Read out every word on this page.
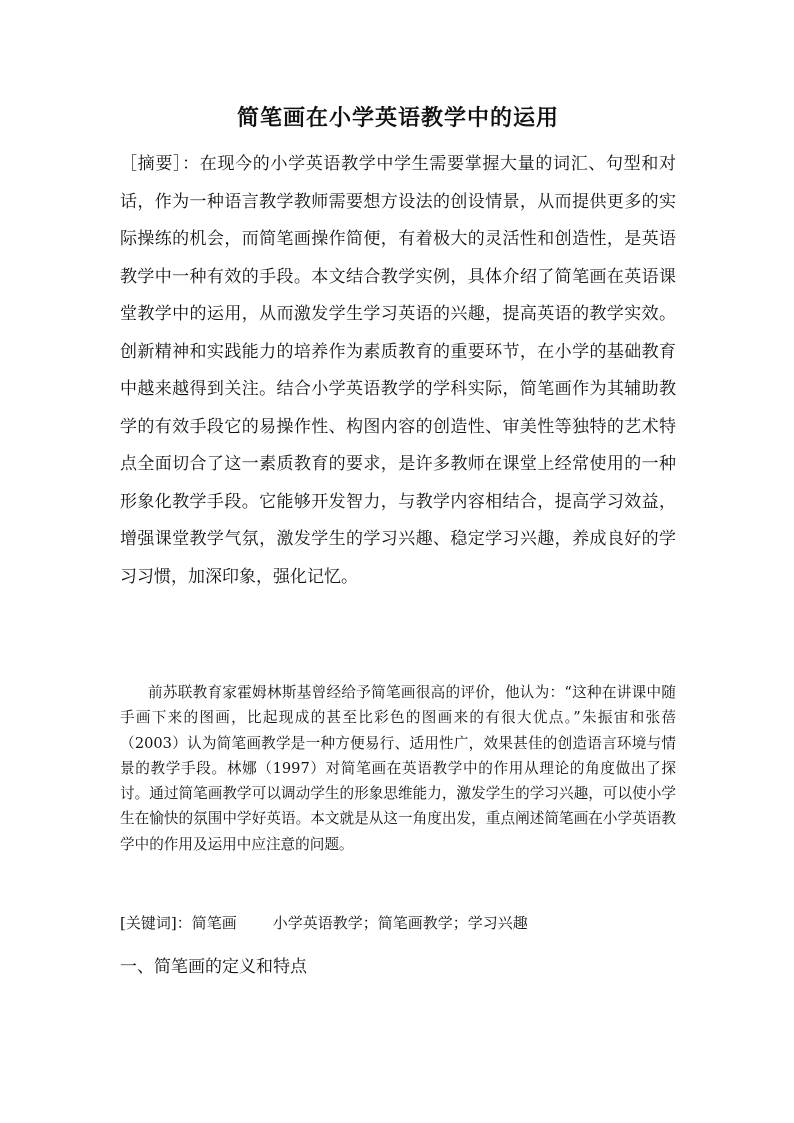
简笔画在小学英语教学中的运用

［摘要］：在现今的小学英语教学中学生需要掌握大量的词汇、句型和对话，作为一种语言教学教师需要想方设法的创设情景，从而提供更多的实际操练的机会，而简笔画操作简便，有着极大的灵活性和创造性，是英语教学中一种有效的手段。本文结合教学实例，具体介绍了简笔画在英语课堂教学中的运用，从而激发学生学习英语的兴趣，提高英语的教学实效。创新精神和实践能力的培养作为素质教育的重要环节，在小学的基础教育中越来越得到关注。结合小学英语教学的学科实际，简笔画作为其辅助教学的有效手段它的易操作性、构图内容的创造性、审美性等独特的艺术特点全面切合了这一素质教育的要求，是许多教师在课堂上经常使用的一种形象化教学手段。它能够开发智力，与教学内容相结合，提高学习效益，增强课堂教学气氛，激发学生的学习兴趣、稳定学习兴趣，养成良好的学习习惯，加深印象，强化记忆。

前苏联教育家霍姆林斯基曾经给予简笔画很高的评价，他认为：“这种在讲课中随手画下来的图画，比起现成的甚至比彩色的图画来的有很大优点。”朱振宙和张蓓（2003）认为简笔画教学是一种方便易行、适用性广，效果甚佳的创造语言环境与情景的教学手段。林娜（1997）对简笔画在英语教学中的作用从理论的角度做出了探讨。通过简笔画教学可以调动学生的形象思维能力，激发学生的学习兴趣，可以使小学生在愉快的氛围中学好英语。本文就是从这一角度出发，重点阐述简笔画在小学英语教学中的作用及运用中应注意的问题。

[关键词]：简笔画 小学英语教学；简笔画教学；学习兴趣
一、简笔画的定义和特点
